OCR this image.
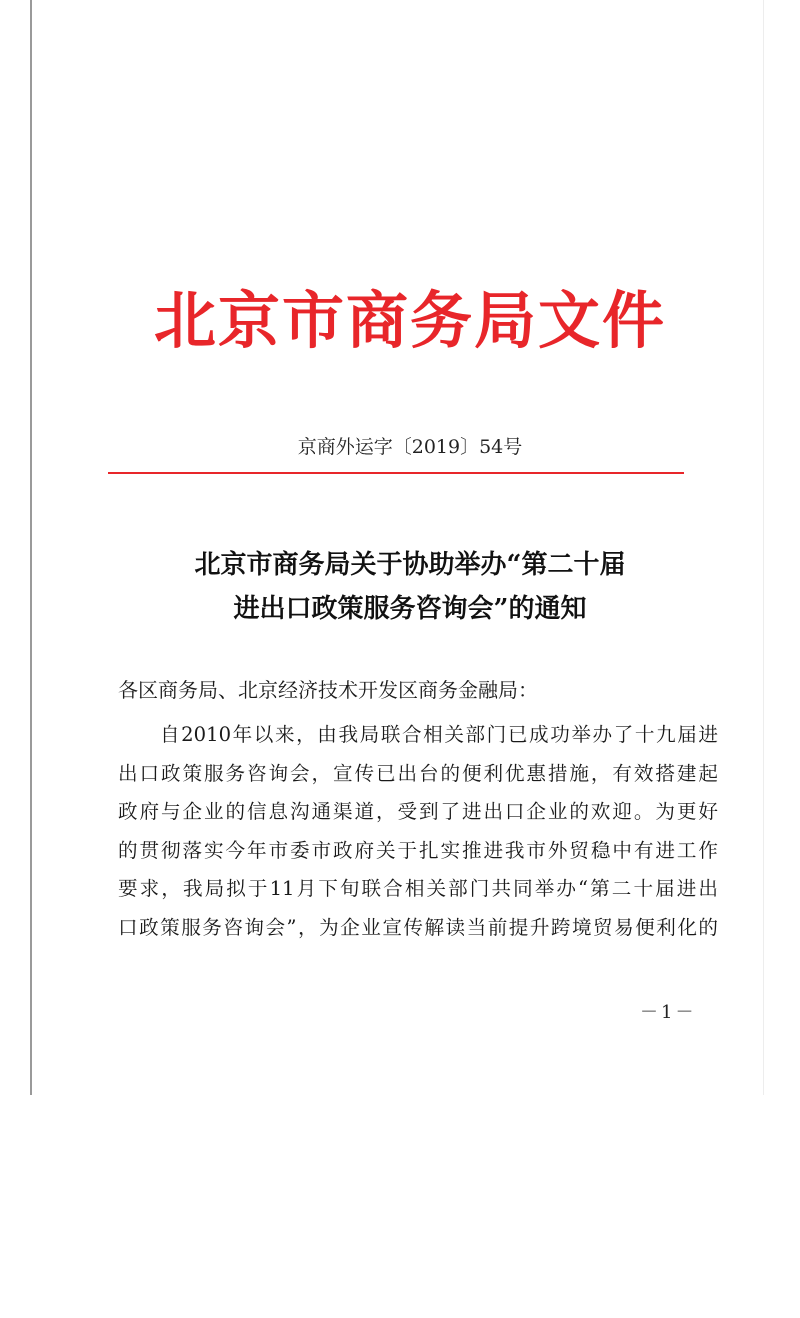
北京市商务局文件
京商外运字〔2019〕54号
北京市商务局关于协助举办“第二十届
进出口政策服务咨询会”的通知
各区商务局、北京经济技术开发区商务金融局：
自2010年以来，由我局联合相关部门已成功举办了十九届进
出口政策服务咨询会，宣传已出台的便利优惠措施，有效搭建起
政府与企业的信息沟通渠道，受到了进出口企业的欢迎。为更好
的贯彻落实今年市委市政府关于扎实推进我市外贸稳中有进工作
要求，我局拟于11月下旬联合相关部门共同举办“第二十届进出
口政策服务咨询会”，为企业宣传解读当前提升跨境贸易便利化的
－1－
